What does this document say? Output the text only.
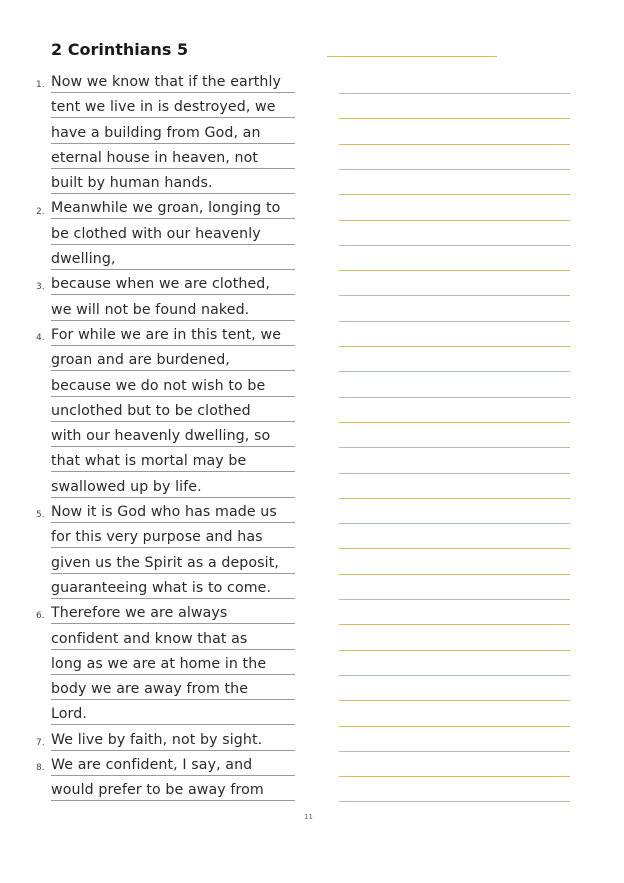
2 Corinthians 5
1. Now we know that if the earthly
tent we live in is destroyed, we
have a building from God, an
eternal house in heaven, not
built by human hands.
2. Meanwhile we groan, longing to
be clothed with our heavenly
dwelling,
3. because when we are clothed,
we will not be found naked.
4. For while we are in this tent, we
groan and are burdened,
because we do not wish to be
unclothed but to be clothed
with our heavenly dwelling, so
that what is mortal may be
swallowed up by life.
5. Now it is God who has made us
for this very purpose and has
given us the Spirit as a deposit,
guaranteeing what is to come.
6. Therefore we are always
confident and know that as
long as we are at home in the
body we are away from the
Lord.
7. We live by faith, not by sight.
8. We are confident, I say, and
would prefer to be away from
11
